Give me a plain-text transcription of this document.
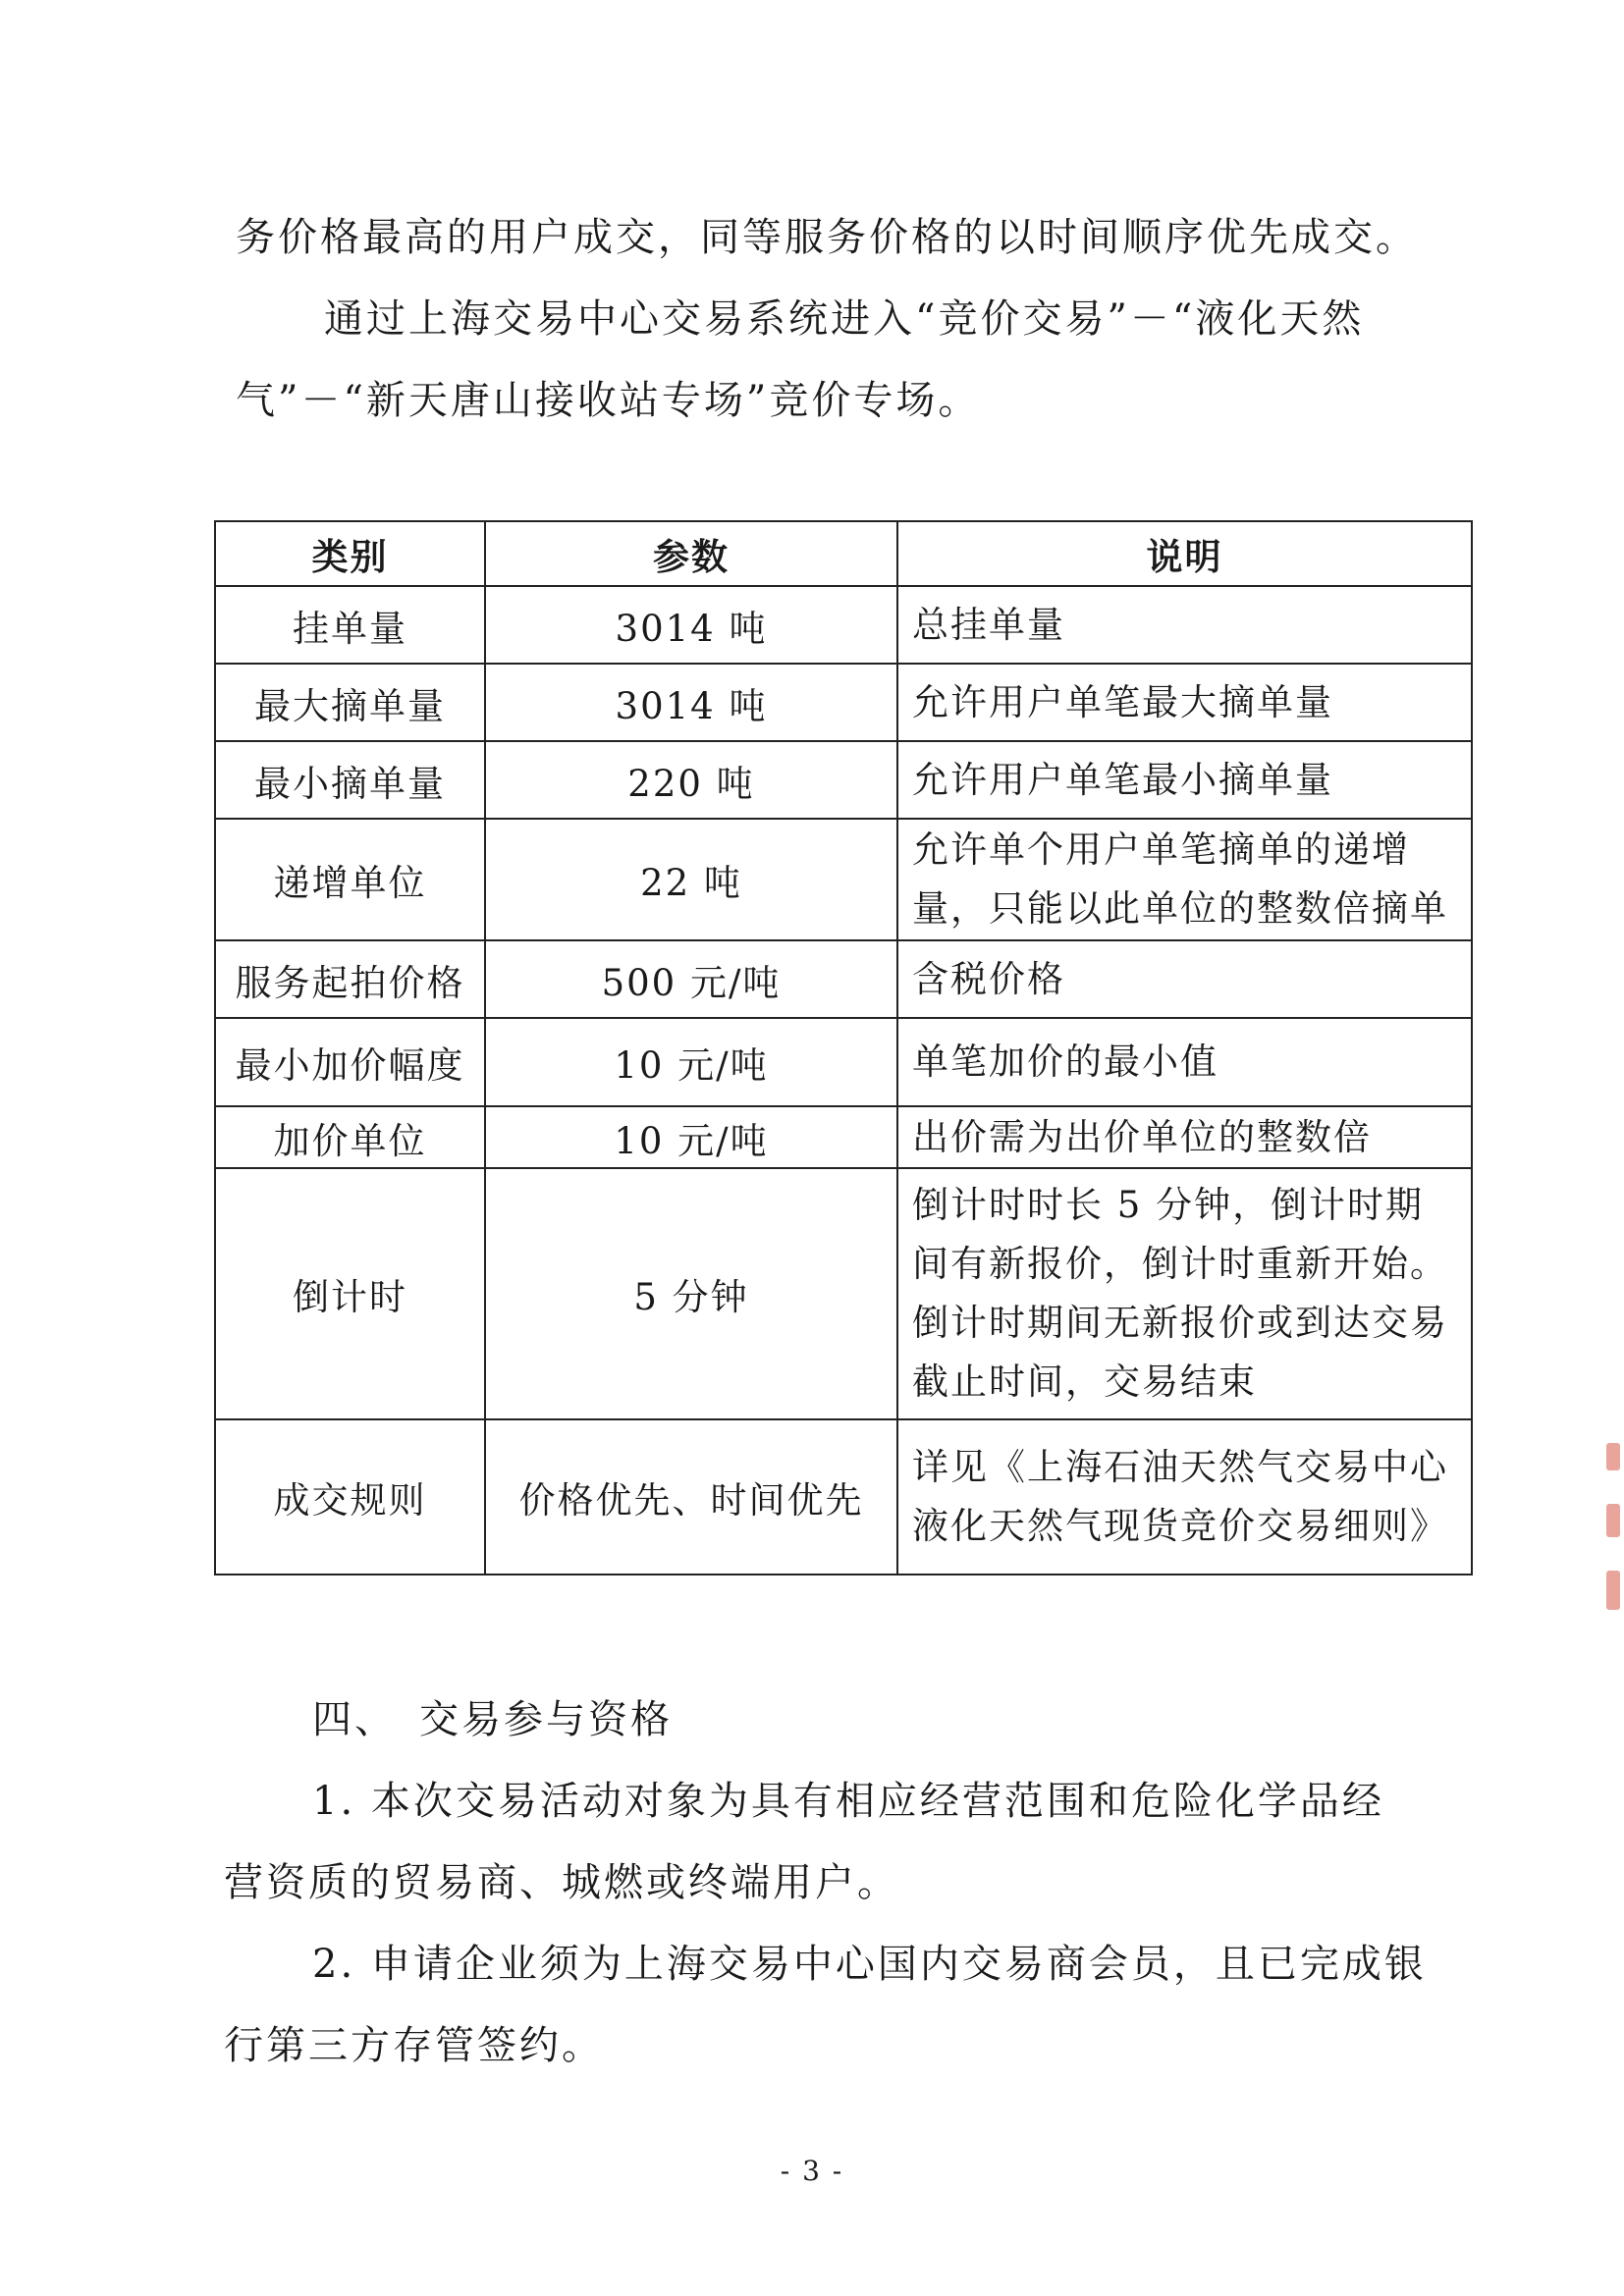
务价格最高的用户成交，同等服务价格的以时间顺序优先成交。

通过上海交易中心交易系统进入“竞价交易”－“液化天然

气”－“新天唐山接收站专场”竞价专场。

类别	参数	说明
挂单量	3014 吨	总挂单量
最大摘单量	3014 吨	允许用户单笔最大摘单量
最小摘单量	220 吨	允许用户单笔最小摘单量
递增单位	22 吨	允许单个用户单笔摘单的递增量，只能以此单位的整数倍摘单
服务起拍价格	500 元/吨	含税价格
最小加价幅度	10 元/吨	单笔加价的最小值
加价单位	10 元/吨	出价需为出价单位的整数倍
倒计时	5 分钟	倒计时时长 5 分钟，倒计时期间有新报价，倒计时重新开始。倒计时期间无新报价或到达交易截止时间，交易结束
成交规则	价格优先、时间优先	详见《上海石油天然气交易中心液化天然气现货竞价交易细则》

四、　交易参与资格

1. 本次交易活动对象为具有相应经营范围和危险化学品经

营资质的贸易商、城燃或终端用户。

2. 申请企业须为上海交易中心国内交易商会员，且已完成银

行第三方存管签约。

- 3 -
